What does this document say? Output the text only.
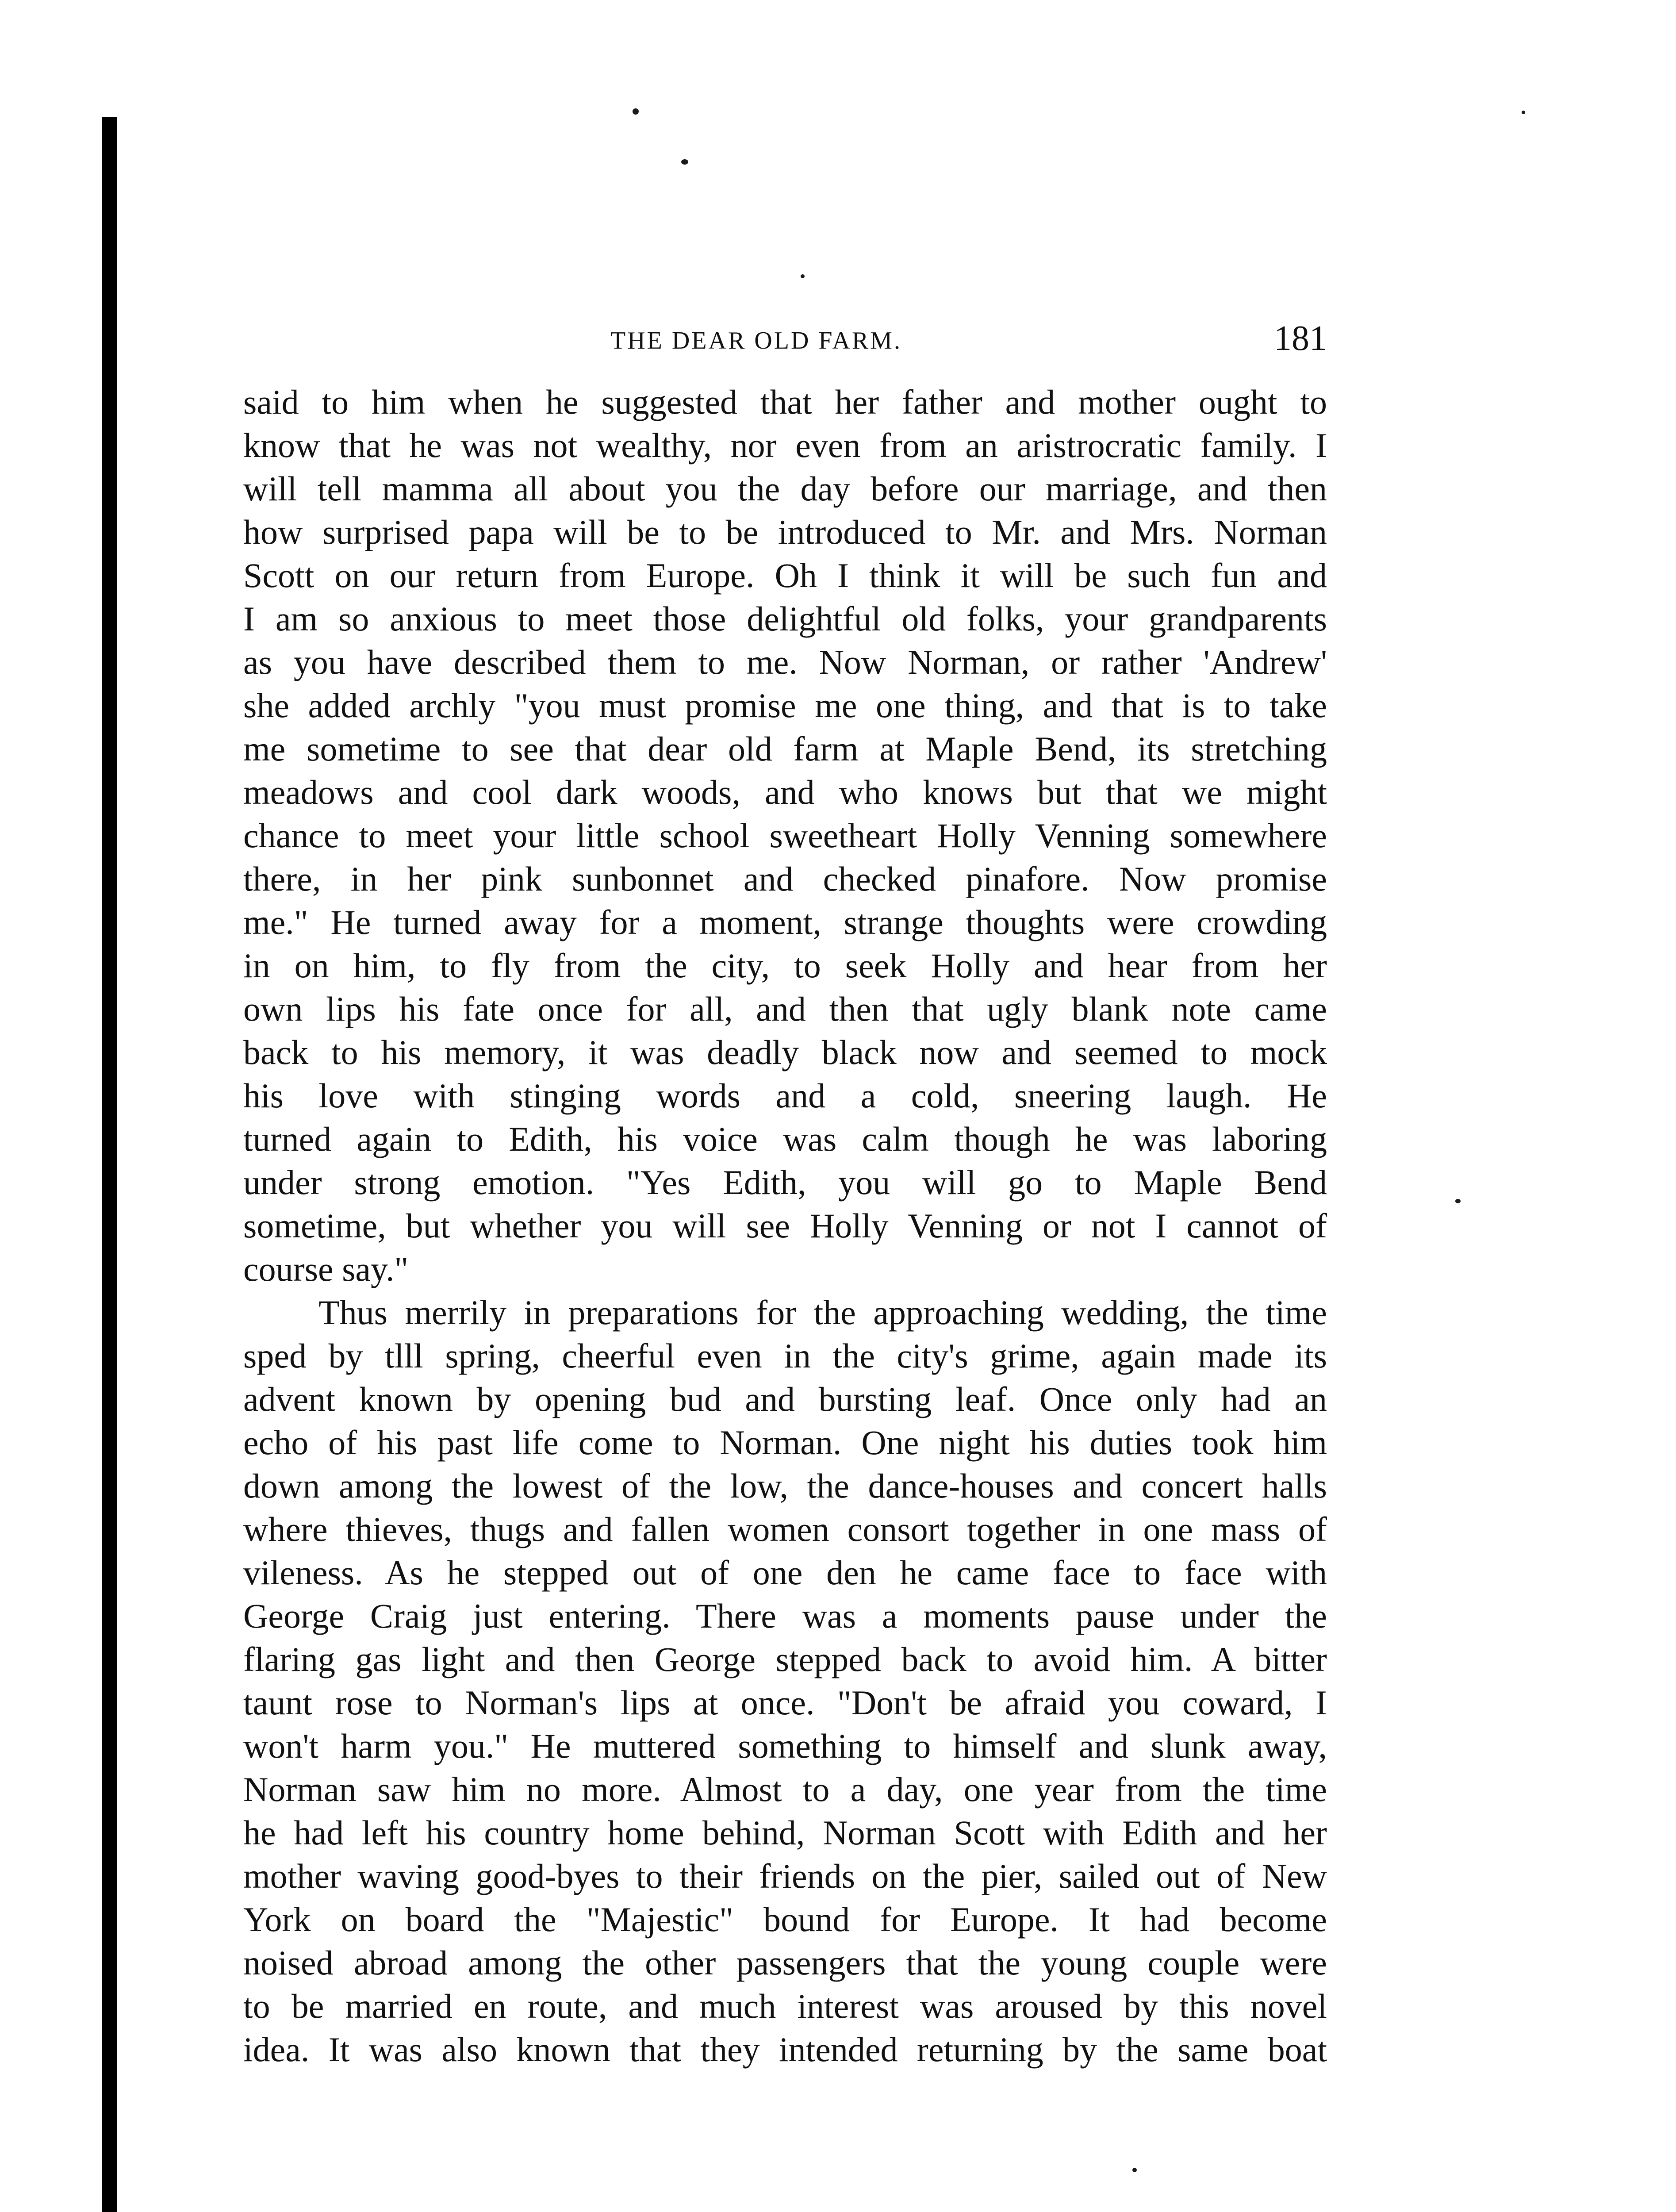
THE DEAR OLD FARM.	181
said to him when he suggested that her father and mother ought to
know that he was not wealthy, nor even from an aristrocratic family. I
will tell mamma all about you the day before our marriage, and then
how surprised papa will be to be introduced to Mr. and Mrs. Norman
Scott on our return from Europe. Oh I think it will be such fun and
I am so anxious to meet those delightful old folks, your grandparents
as you have described them to me. Now Norman, or rather 'Andrew'
she added archly "you must promise me one thing, and that is to take
me sometime to see that dear old farm at Maple Bend, its stretching
meadows and cool dark woods, and who knows but that we might
chance to meet your little school sweetheart Holly Venning somewhere
there, in her pink sunbonnet and checked pinafore. Now promise
me." He turned away for a moment, strange thoughts were crowding
in on him, to fly from the city, to seek Holly and hear from her
own lips his fate once for all, and then that ugly blank note came
back to his memory, it was deadly black now and seemed to mock
his love with stinging words and a cold, sneering laugh. He
turned again to Edith, his voice was calm though he was laboring
under strong emotion. "Yes Edith, you will go to Maple Bend
sometime, but whether you will see Holly Venning or not I cannot of
course say."
Thus merrily in preparations for the approaching wedding, the time
sped by tlll spring, cheerful even in the city's grime, again made its
advent known by opening bud and bursting leaf. Once only had an
echo of his past life come to Norman. One night his duties took him
down among the lowest of the low, the dance-houses and concert halls
where thieves, thugs and fallen women consort together in one mass of
vileness. As he stepped out of one den he came face to face with
George Craig just entering. There was a moments pause under the
flaring gas light and then George stepped back to avoid him. A bitter
taunt rose to Norman's lips at once. "Don't be afraid you coward, I
won't harm you." He muttered something to himself and slunk away,
Norman saw him no more. Almost to a day, one year from the time
he had left his country home behind, Norman Scott with Edith and her
mother waving good-byes to their friends on the pier, sailed out of New
York on board the "Majestic" bound for Europe. It had become
noised abroad among the other passengers that the young couple were
to be married en route, and much interest was aroused by this novel
idea. It was also known that they intended returning by the same boat
